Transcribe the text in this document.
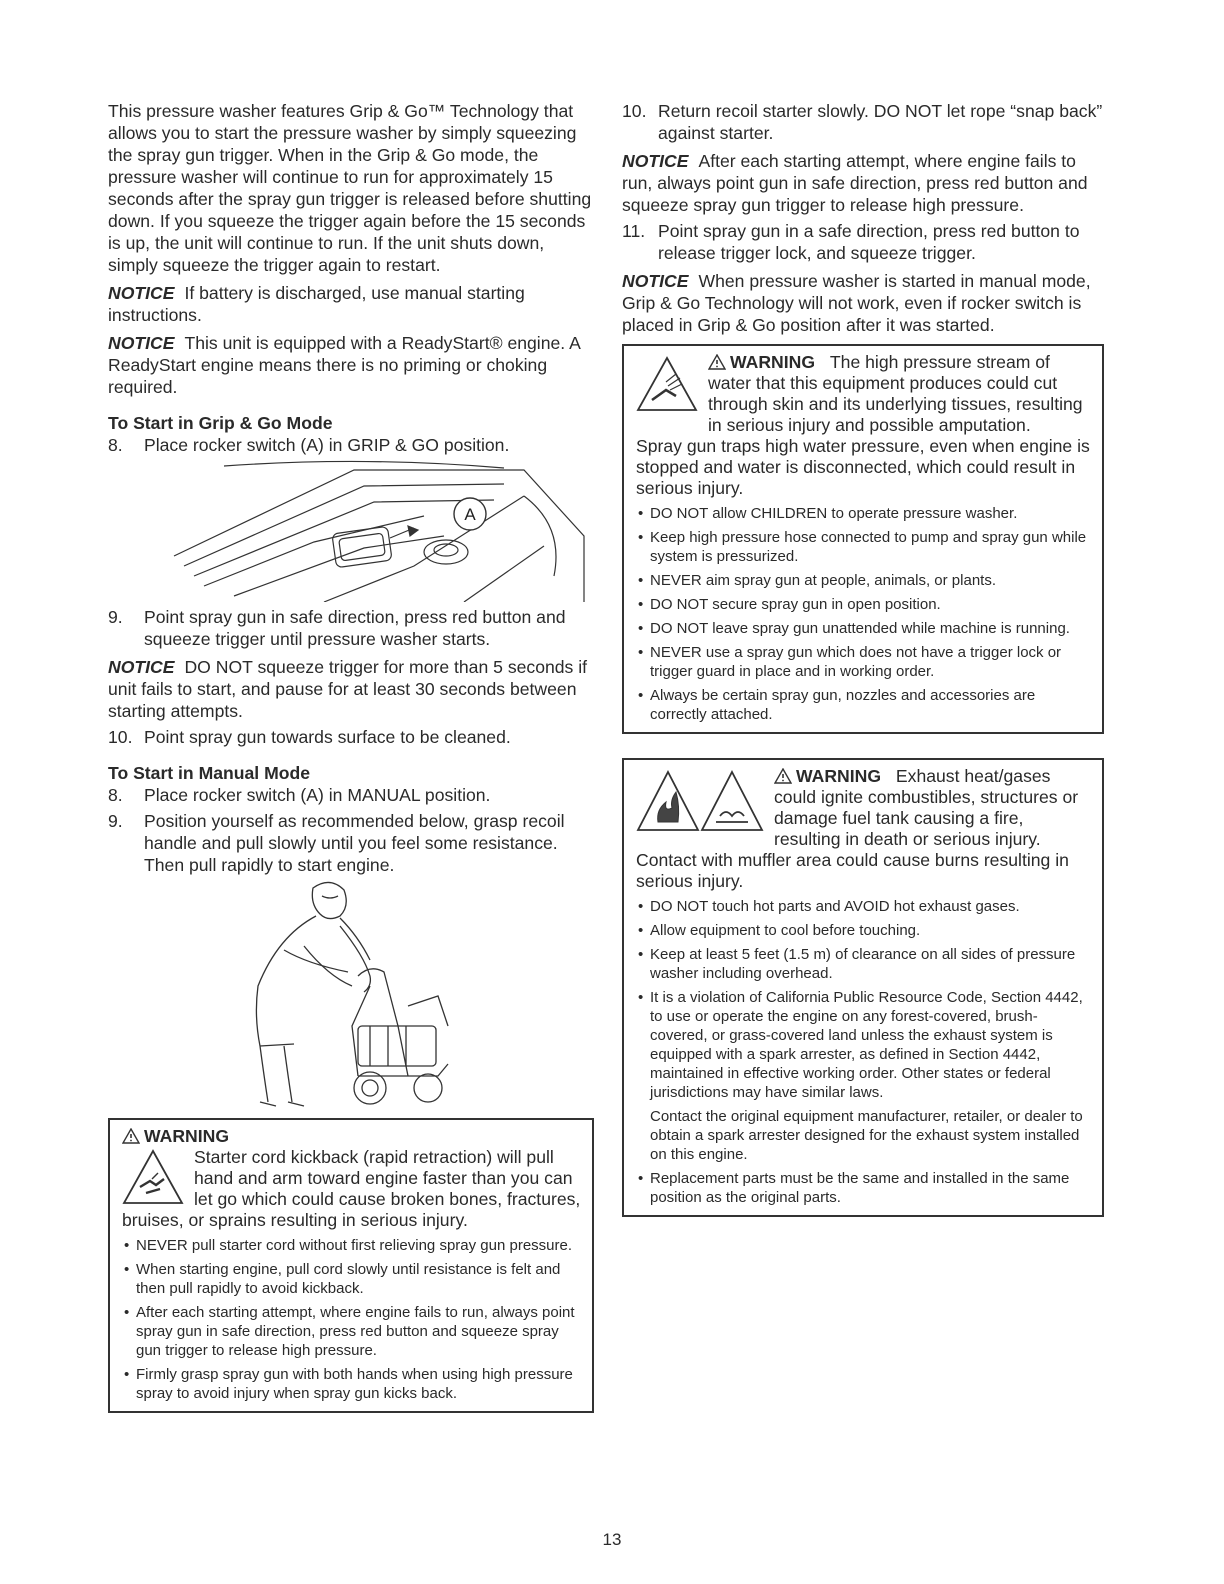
This pressure washer features Grip & Go™ Technology that allows you to start the pressure washer by simply squeezing the spray gun trigger. When in the Grip & Go mode, the pressure washer will continue to run for approximately 15 seconds after the spray gun trigger is released before shutting down. If you squeeze the trigger again before the 15 seconds is up, the unit will continue to run. If the unit shuts down, simply squeeze the trigger again to restart.

NOTICE If battery is discharged, use manual starting instructions.

NOTICE This unit is equipped with a ReadyStart® engine. A ReadyStart engine means there is no priming or choking required.

To Start in Grip & Go Mode
8.	Place rocker switch (A) in GRIP & GO position.
A
9.	Point spray gun in safe direction, press red button and squeeze trigger until pressure washer starts.

NOTICE DO NOT squeeze trigger for more than 5 seconds if unit fails to start, and pause for at least 30 seconds between starting attempts.

10. Point spray gun towards surface to be cleaned.
To Start in Manual Mode
8.	Place rocker switch (A) in MANUAL position.
9.	Position yourself as recommended below, grasp recoil handle and pull slowly until you feel some resistance. Then pull rapidly to start engine.
WARNING
Starter cord kickback (rapid retraction) will pull hand and arm toward engine faster than you can let go which could cause broken bones, fractures, bruises, or sprains resulting in serious injury.
• NEVER pull starter cord without first relieving spray gun pressure.
• When starting engine, pull cord slowly until resistance is felt and then pull rapidly to avoid kickback.
• After each starting attempt, where engine fails to run, always point spray gun in safe direction, press red button and squeeze spray gun trigger to release high pressure.
• Firmly grasp spray gun with both hands when using high pressure spray to avoid injury when spray gun kicks back.
10. Return recoil starter slowly. DO NOT let rope “snap back” against starter.

NOTICE After each starting attempt, where engine fails to run, always point gun in safe direction, press red button and squeeze spray gun trigger to release high pressure.

11. Point spray gun in a safe direction, press red button to release trigger lock, and squeeze trigger.

NOTICE When pressure washer is started in manual mode, Grip & Go Technology will not work, even if rocker switch is placed in Grip & Go position after it was started.

WARNING The high pressure stream of water that this equipment produces could cut through skin and its underlying tissues, resulting in serious injury and possible amputation.

Spray gun traps high water pressure, even when engine is stopped and water is disconnected, which could result in serious injury.

• DO NOT allow CHILDREN to operate pressure washer.
• Keep high pressure hose connected to pump and spray gun while system is pressurized.
• NEVER aim spray gun at people, animals, or plants.
• DO NOT secure spray gun in open position.
• DO NOT leave spray gun unattended while machine is running.
• NEVER use a spray gun which does not have a trigger lock or trigger guard in place and in working order.
• Always be certain spray gun, nozzles and accessories are correctly attached.
WARNING Exhaust heat/gases could ignite combustibles, structures or damage fuel tank causing a fire, resulting in death or serious injury.

Contact with muffler area could cause burns resulting in serious injury.

• DO NOT touch hot parts and AVOID hot exhaust gases.
• Allow equipment to cool before touching.
• Keep at least 5 feet (1.5 m) of clearance on all sides of pressure washer including overhead.
• It is a violation of California Public Resource Code, Section 4442, to use or operate the engine on any forest-covered, brush-covered, or grass-covered land unless the exhaust system is equipped with a spark arrester, as defined in Section 4442, maintained in effective working order. Other states or federal jurisdictions may have similar laws.

Contact the original equipment manufacturer, retailer, or dealer to obtain a spark arrester designed for the exhaust system installed on this engine.

• Replacement parts must be the same and installed in the same position as the original parts.
13
